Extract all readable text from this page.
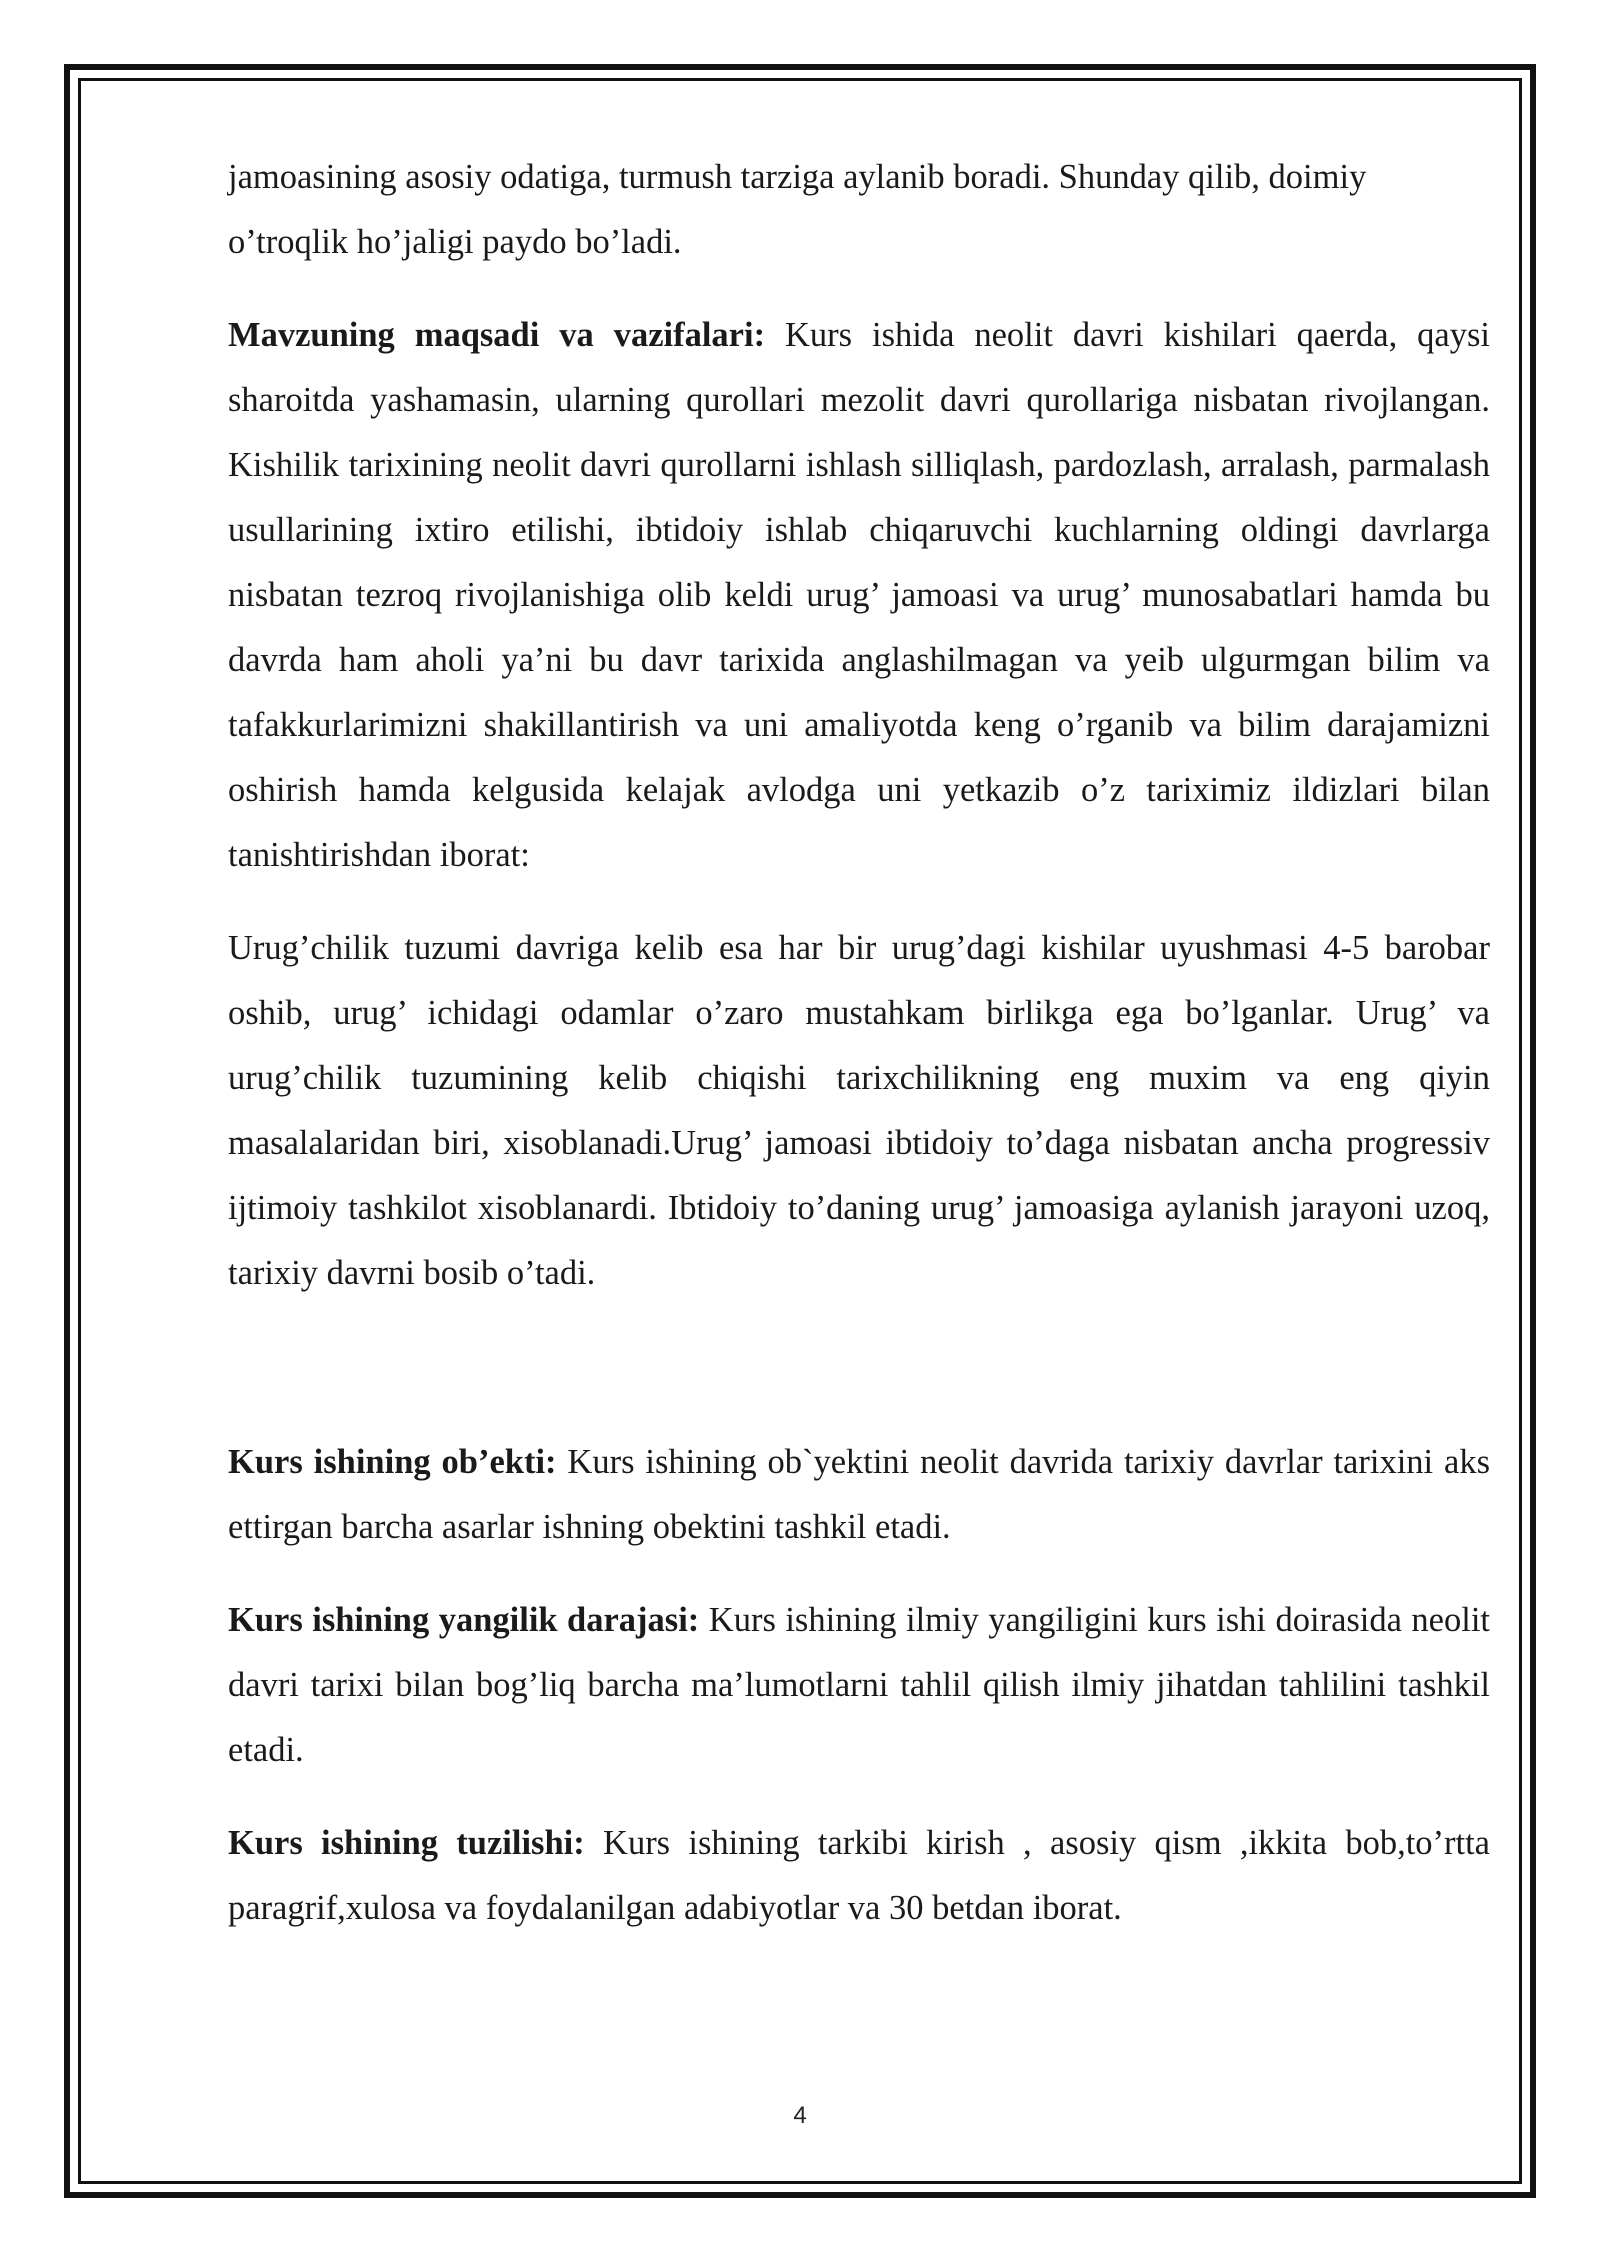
jamoasining asosiy odatiga, turmush tarziga aylanib boradi. Shunday qilib, doimiy o’troqlik ho’jaligi paydo bo’ladi.

Mavzuning maqsadi va vazifalari: Kurs ishida neolit davri kishilari qaerda, qaysi sharoitda yashamasin, ularning qurollari mezolit davri qurollariga nisbatan rivojlangan. Kishilik tarixining neolit davri qurollarni ishlash silliqlash, pardozlash, arralash, parmalash usullarining ixtiro etilishi, ibtidoiy ishlab chiqaruvchi kuchlarning oldingi davrlarga nisbatan tezroq rivojlanishiga olib keldi urug’ jamoasi va urug’ munosabatlari hamda bu davrda ham aholi ya’ni bu davr tarixida anglashilmagan va yeib ulgurmgan bilim va tafakkurlarimizni shakillantirish va uni amaliyotda keng o’rganib va bilim darajamizni oshirish hamda kelgusida kelajak avlodga uni yetkazib o’z tariximiz ildizlari bilan tanishtirishdan iborat:

Urug’chilik tuzumi davriga kelib esa har bir urug’dagi kishilar uyushmasi 4-5 barobar oshib, urug’ ichidagi odamlar o’zaro mustahkam birlikga ega bo’lganlar. Urug’ va urug’chilik tuzumining kelib chiqishi tarixchilikning eng muxim va eng qiyin masalalaridan biri, xisoblanadi.Urug’ jamoasi ibtidoiy to’daga nisbatan ancha progressiv ijtimoiy tashkilot xisoblanardi. Ibtidoiy to’daning urug’ jamoasiga aylanish jarayoni uzoq, tarixiy davrni bosib o’tadi.

Kurs ishining ob’ekti: Kurs ishining ob`yektini neolit davrida tarixiy davrlar tarixini aks ettirgan barcha asarlar ishning obektini tashkil etadi.

Kurs ishining yangilik darajasi: Kurs ishining ilmiy yangiligini kurs ishi doirasida neolit davri tarixi bilan bog’liq barcha ma’lumotlarni tahlil qilish ilmiy jihatdan tahlilini tashkil etadi.

Kurs ishining tuzilishi: Kurs ishining tarkibi kirish , asosiy qism ,ikkita bob,to’rtta paragrif,xulosa va foydalanilgan adabiyotlar va 30 betdan iborat.

4
